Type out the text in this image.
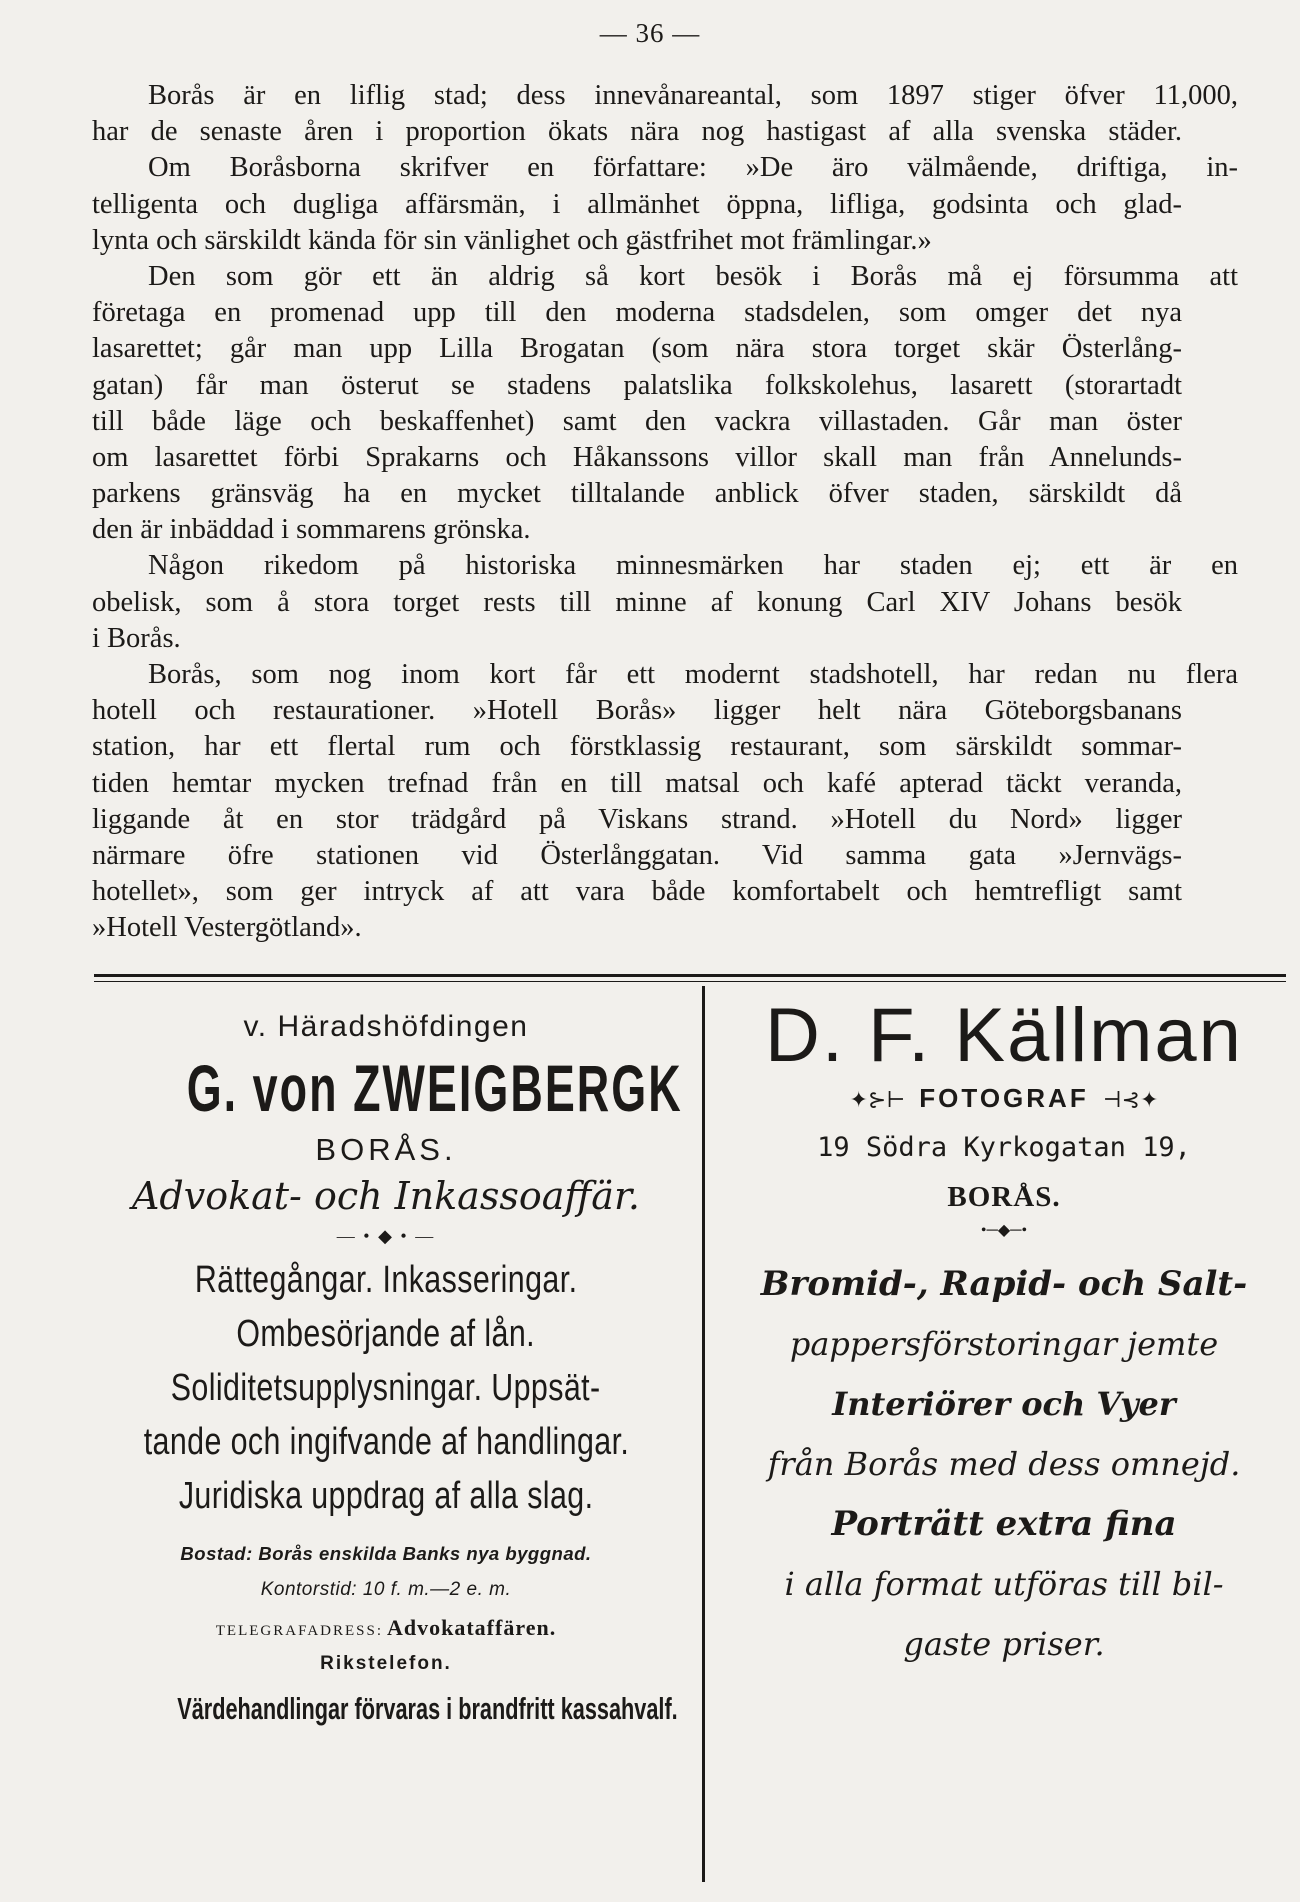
— 36 —
Borås är en liflig stad; dess innevånareantal, som 1897 stiger öfver 11,000,
har de senaste åren i proportion ökats nära nog hastigast af alla svenska städer.
Om Boråsborna skrifver en författare: »De äro välmående, driftiga, in-
telligenta och dugliga affärsmän, i allmänhet öppna, lifliga, godsinta och glad-
lynta och särskildt kända för sin vänlighet och gästfrihet mot främlingar.»
Den som gör ett än aldrig så kort besök i Borås må ej försumma att
företaga en promenad upp till den moderna stadsdelen, som omger det nya
lasarettet; går man upp Lilla Brogatan (som nära stora torget skär Österlång-
gatan) får man österut se stadens palatslika folkskolehus, lasarett (storartadt
till både läge och beskaffenhet) samt den vackra villastaden. Går man öster
om lasarettet förbi Sprakarns och Håkanssons villor skall man från Annelunds-
parkens gränsväg ha en mycket tilltalande anblick öfver staden, särskildt då
den är inbäddad i sommarens grönska.
Någon rikedom på historiska minnesmärken har staden ej; ett är en
obelisk, som å stora torget rests till minne af konung Carl XIV Johans besök
i Borås.
Borås, som nog inom kort får ett modernt stadshotell, har redan nu flera
hotell och restaurationer. »Hotell Borås» ligger helt nära Göteborgsbanans
station, har ett flertal rum och förstklassig restaurant, som särskildt sommar-
tiden hemtar mycken trefnad från en till matsal och kafé apterad täckt veranda,
liggande åt en stor trädgård på Viskans strand. »Hotell du Nord» ligger
närmare öfre stationen vid Österlånggatan. Vid samma gata »Jernvägs-
hotellet», som ger intryck af att vara både komfortabelt och hemtrefligt samt
»Hotell Vestergötland».
v. Häradshöfdingen
G. von ZWEIGBERGK
BORÅS.
Advokat- och Inkassoaffär.
— • ◆ • —
Rättegångar. Inkasseringar.
Ombesörjande af lån.
Soliditetsupplysningar. Uppsät-
tande och ingifvande af handlingar.
Juridiska uppdrag af alla slag.
Bostad: Borås enskilda Banks nya byggnad.
Kontorstid: 10 f. m.—2 e. m.
TELEGRAFADRESS: Advokataffären.
Rikstelefon.
Värdehandlingar förvaras i brandfritt kassahvalf.
D. F. Källman
✦⊱⊢ FOTOGRAF ⊣⊰✦
19 Södra Kyrkogatan 19,
BORÅS.
•─◆─•
Bromid-, Rapid- och Salt-
pappersförstoringar jemte
Interiörer och Vyer
från Borås med dess omnejd.
Porträtt extra fina
i alla format utföras till bil-
gaste priser.
